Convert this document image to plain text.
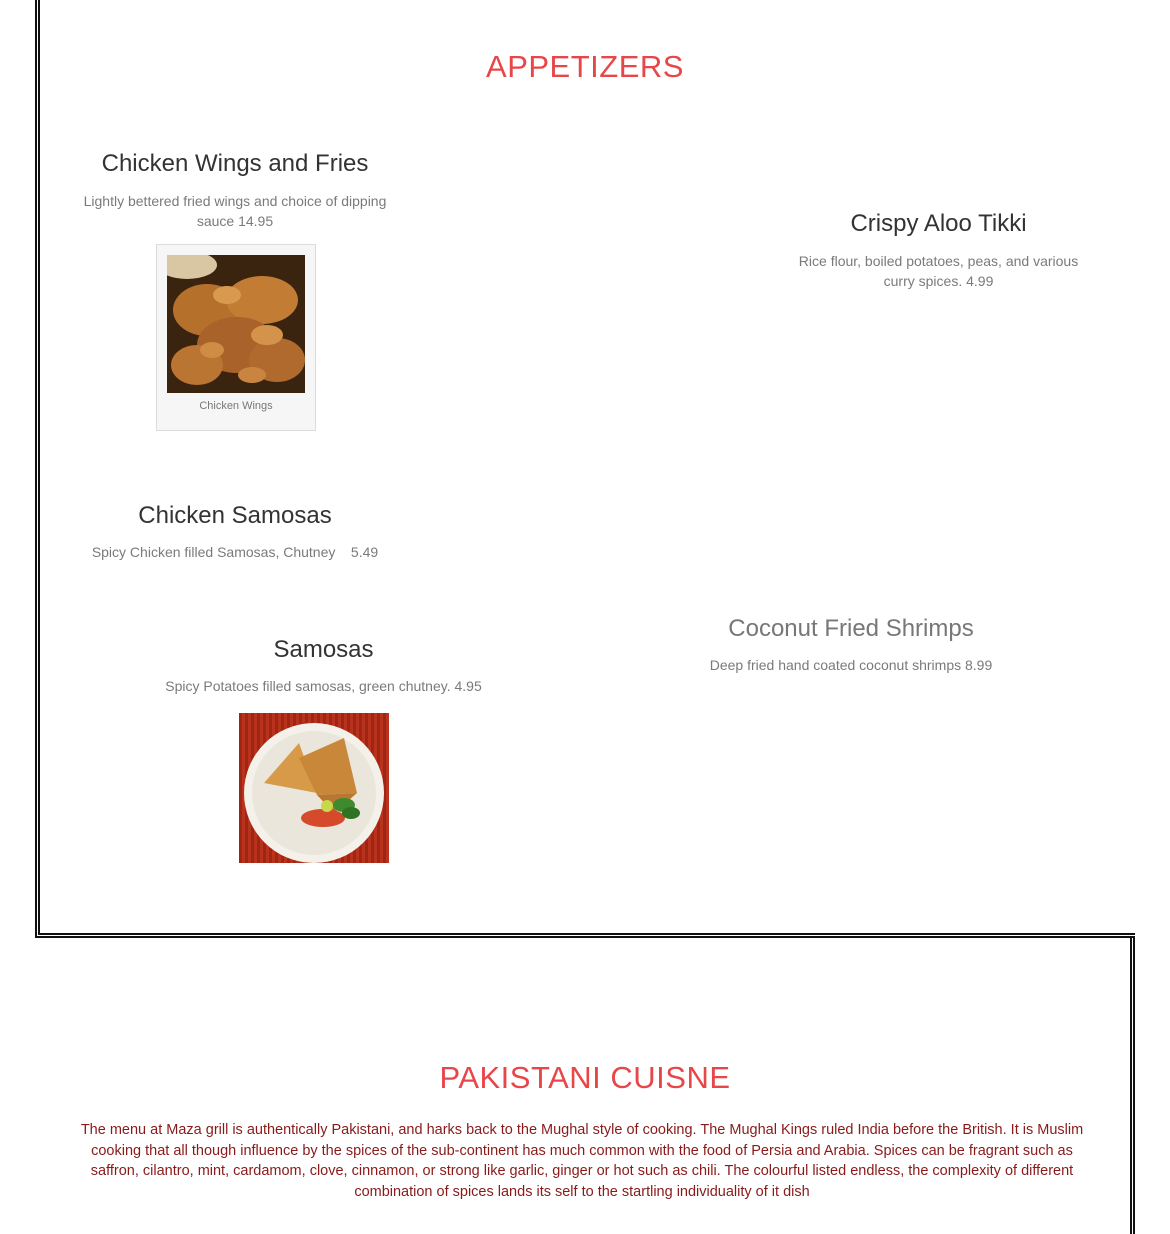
APPETIZERS
Chicken Wings and Fries

Lightly bettered fried wings and choice of dipping sauce 14.95

Chicken Wings
Crispy Aloo Tikki

Rice flour, boiled potatoes, peas, and various curry spices. 4.99

Chicken Samosas

Spicy Chicken filled Samosas, Chutney    5.49

Samosas

Spicy Potatoes filled samosas, green chutney. 4.95

Coconut Fried Shrimps

Deep fried hand coated coconut shrimps 8.99

PAKISTANI CUISNE

The menu at Maza grill is authentically Pakistani, and harks back to the Mughal style of cooking. The Mughal Kings ruled India before the British. It is Muslim cooking that all though influence by the spices of the sub-continent has much common with the food of Persia and Arabia. Spices can be fragrant such as saffron, cilantro, mint, cardamom, clove, cinnamon, or strong like garlic, ginger or hot such as chili. The colourful listed endless, the complexity of different combination of spices lands its self to the startling individuality of it dish
